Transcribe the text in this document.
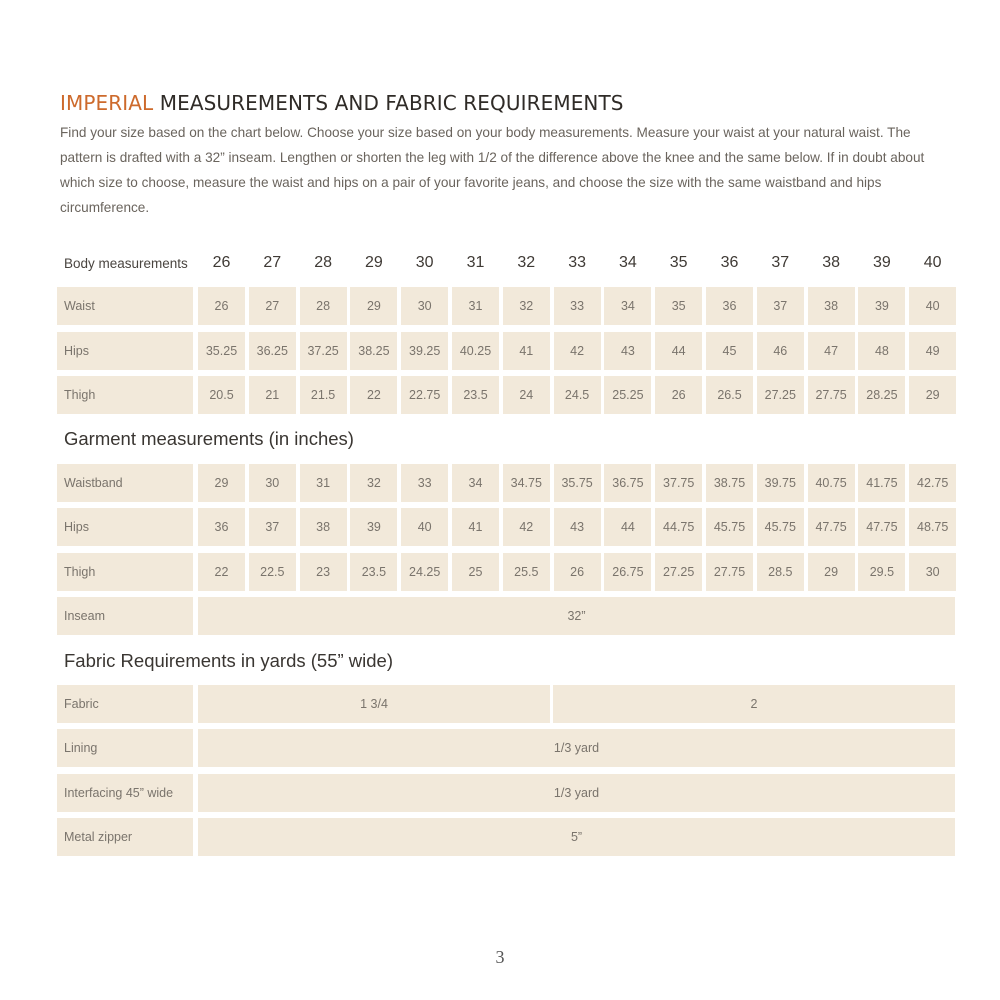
IMPERIAL MEASUREMENTS AND FABRIC REQUIREMENTS

Find your size based on the chart below. Choose your size based on your body measurements. Measure your waist at your natural waist. The pattern is drafted with a 32” inseam. Lengthen or shorten the leg with 1/2 of the difference above the knee and the same below. If in doubt about which size to choose, measure the waist and hips on a pair of your favorite jeans, and choose the size with the same waistband and hips circumference.

Body measurements	26	27	28	29	30	31	32	33	34	35	36	37	38	39	40
Waist	26	27	28	29	30	31	32	33	34	35	36	37	38	39	40
Hips	35.25	36.25	37.25	38.25	39.25	40.25	41	42	43	44	45	46	47	48	49
Thigh	20.5	21	21.5	22	22.75	23.5	24	24.5	25.25	26	26.5	27.25	27.75	28.25	29
Garment measurements (in inches)
Waistband	29	30	31	32	33	34	34.75	35.75	36.75	37.75	38.75	39.75	40.75	41.75	42.75
Hips	36	37	38	39	40	41	42	43	44	44.75	45.75	45.75	47.75	47.75	48.75
Thigh	22	22.5	23	23.5	24.25	25	25.5	26	26.75	27.25	27.75	28.5	29	29.5	30
Inseam	32”
Fabric Requirements in yards (55” wide)
Fabric	1 3/4	2
Lining	1/3 yard
Interfacing 45” wide	1/3 yard
Metal zipper	5”
3
